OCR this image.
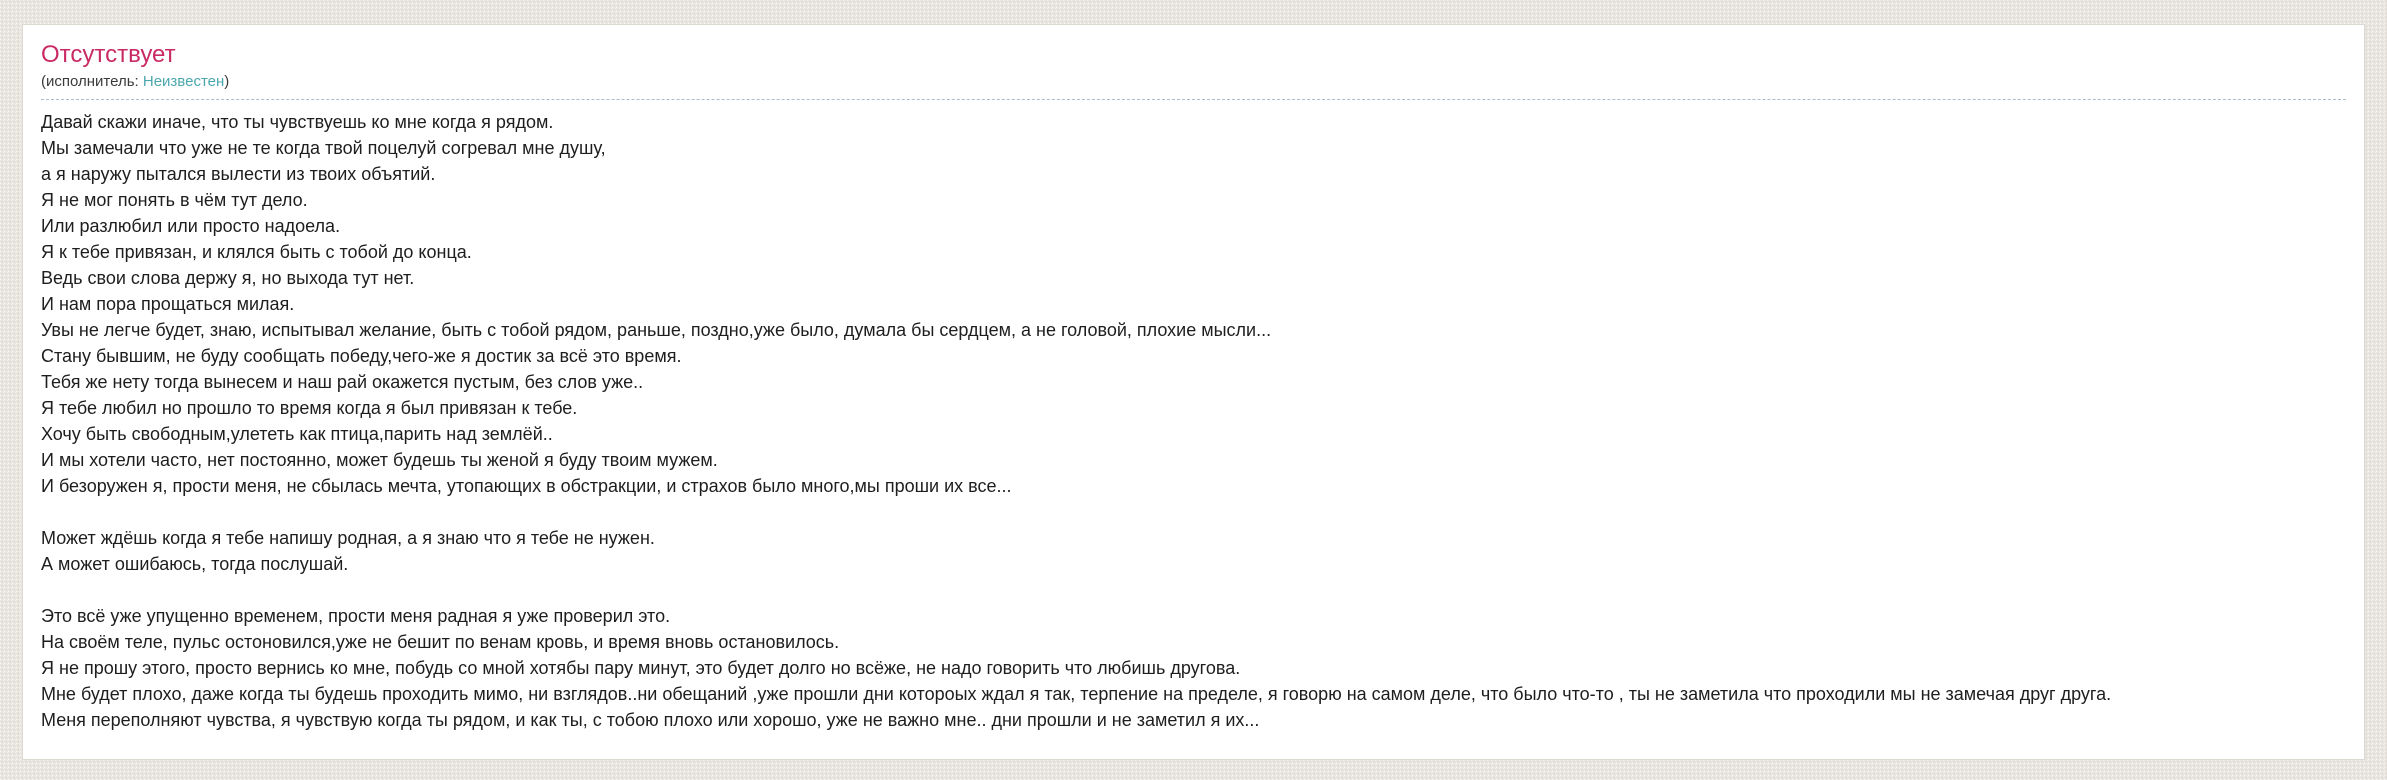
Отсутствует
(исполнитель: Неизвестен)
Давай скажи иначе, что ты чувствуешь ко мне когда я рядом.
Мы замечали что уже не те когда твой поцелуй согревал мне душу,
а я наружу пытался вылести из твоих объятий.
Я не мог понять в чём тут дело.
Или разлюбил или просто надоела.
Я к тебе привязан, и клялся быть с тобой до конца.
Ведь свои слова держу я, но выхода тут нет.
И нам пора прощаться милая.
Увы не легче будет, знаю, испытывал желание, быть с тобой рядом, раньше, поздно,уже было, думала бы сердцем, а не головой, плохие мысли...
Стану бывшим, не буду сообщать победу,чего-же я достик за всё это время.
Тебя же нету тогда вынесем и наш рай окажется пустым, без слов уже..
Я тебе любил но прошло то время когда я был привязан к тебе.
Хочу быть свободным,улететь как птица,парить над землёй..
И мы хотели часто, нет постоянно, может будешь ты женой я буду твоим мужем.
И безоружен я, прости меня, не сбылась мечта, утопающих в обстракции, и страхов было много,мы проши их все...

Может ждёшь когда я тебе напишу родная, а я знаю что я тебе не нужен.
А может ошибаюсь, тогда послушай.

Это всё уже упущенно временем, прости меня радная я уже проверил это.
На своём теле, пульс остоновился,уже не бешит по венам кровь, и время вновь остановилось.
Я не прошу этого, просто вернись ко мне, побудь со мной хотябы пару минут, это будет долго но всёже, не надо говорить что любишь другова.
Мне будет плохо, даже когда ты будешь проходить мимо, ни взглядов..ни обещаний ,уже прошли дни котороых ждал я так, терпение на пределе, я говорю на самом деле, что было что-то , ты не заметила что проходили мы не замечая друг друга.
Меня переполняют чувства, я чувствую когда ты рядом, и как ты, с тобою плохо или хорошо, уже не важно мне.. дни прошли и не заметил я их...
